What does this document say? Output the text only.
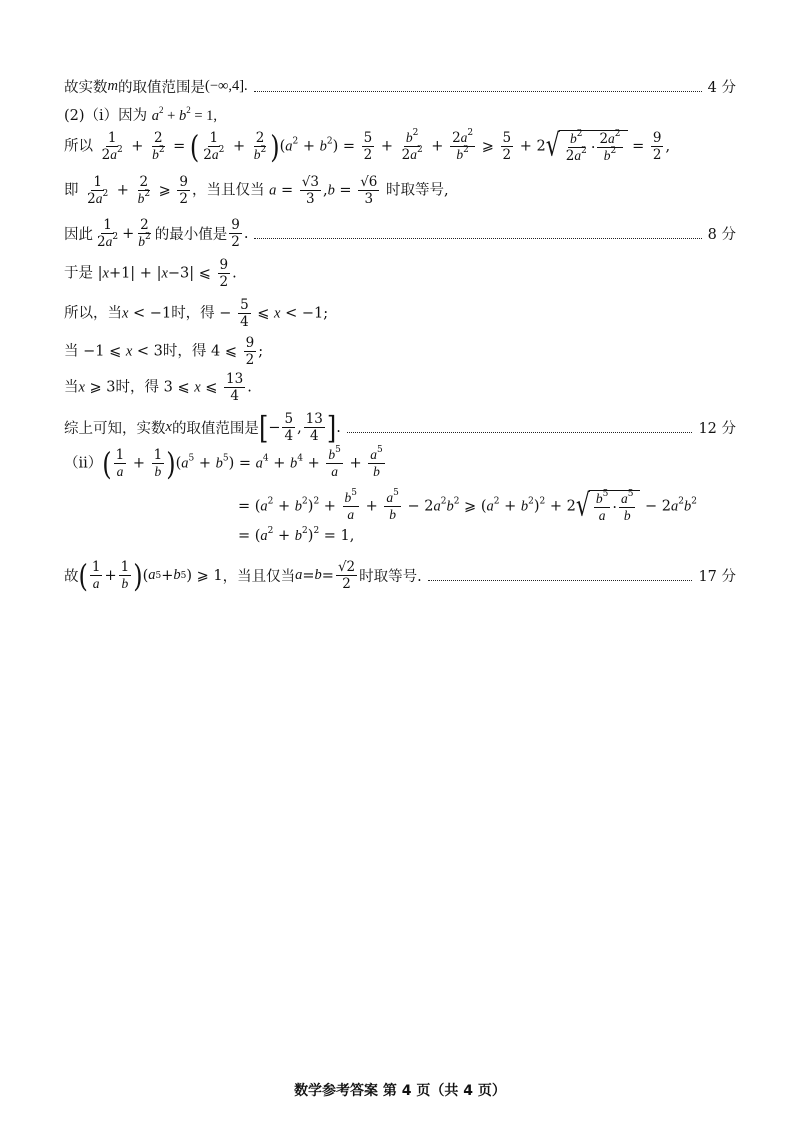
故实数 m 的取值范围是 (−∞,4].	4 分
(2)（ⅰ）因为 $a^2 + b^2 = 1$,
所以 $\frac{1}{2a^2} + \frac{2}{b^2}$ = ( $\frac{1}{2a^2} + \frac{2}{b^2} )(a^2 + b^2) = \frac{5}{2} + \frac{b^2}{2a^2} + \frac{2a^2}{b^2}$ ⩾ $\frac{5}{2} + 2$ √ $\frac{b^2}{2a^2} \cdot \frac{2a^2}{b^2} = \frac{9}{2}$ ,
即 $\frac{1}{2a^2} + \frac{2}{b^2}$ ⩾ $\frac{9}{2}$ ，当且仅当 $a = \frac{√3}{3} ,b = \frac{√6}{3}$ 时取等号,
因此 $\frac{1}{2a^2} + \frac{2}{b^2}$ 的最小值是 $\frac{9}{2}$ .	8 分
于是 |x+1| + |x−3| ⩽ $\frac{9}{2}$ .
所以，当x < −1时，得 − $\frac{5}{4}$ ⩽ x < −1;
当 −1 ⩽ x < 3时，得 4 ⩽ $\frac{9}{2}$ ;
当x ⩾ 3时，得 3 ⩽ x ⩽ $\frac{13}{4}$ .
综上可知，实数 x 的取值范围是 [ − $\frac{5}{4}$ , $\frac{13}{4}$ ] .	12 分
（ⅱ）( $\frac{1}{a} + \frac{1}{b} )(a^5 + b^5) = a^4 + b^4 + \frac{b^5}{a} + \frac{a^5}{b}$
= $(a^2 + b^2)^2 + \frac{b^5}{a} + \frac{a^5}{b} - 2a^2b^2$ ⩾ $(a^2 + b^2)^2 + 2$ √ $\frac{b^5}{a} \cdot \frac{a^5}{b} - 2a^2b^2$
= $(a^2 + b^2)^2 = 1$,
故 ( $\frac{1}{a} + \frac{1}{b}$ ) ( a 5 + b 5 ) ⩾ 1 ，当且仅当 $a = b = \frac{√2}{2}$ 时取等号.	17 分
数学参考答案 第 4 页（共 4 页）
